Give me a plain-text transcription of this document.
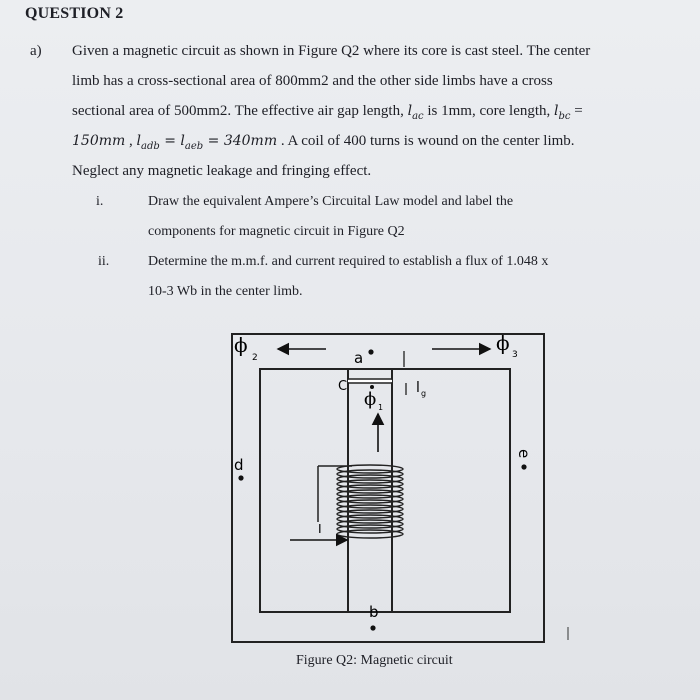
QUESTION 2
a) Given a magnetic circuit as shown in Figure Q2 where its core is cast steel. The center
limb has a cross-sectional area of 800mm2 and the other side limbs have a cross
sectional area of 500mm2. The effective air gap length, $l_{ac}$ is 1mm, core length, $l_{bc}$ =
150mm , $l_{adb} = l_{aeb} = 340mm$ . A coil of 400 turns is wound on the center limb.
Neglect any magnetic leakage and fringing effect.
i.	Draw the equivalent Ampere’s Circuital Law model and label the
components for magnetic circuit in Figure Q2
ii.	Determine the m.m.f. and current required to establish a flux of 1.048 x
10-3 Wb in the center limb.
I
ϕ
2
ϕ 3
ϕ 1
a
C	l g
d
e
b
Figure Q2: Magnetic circuit
